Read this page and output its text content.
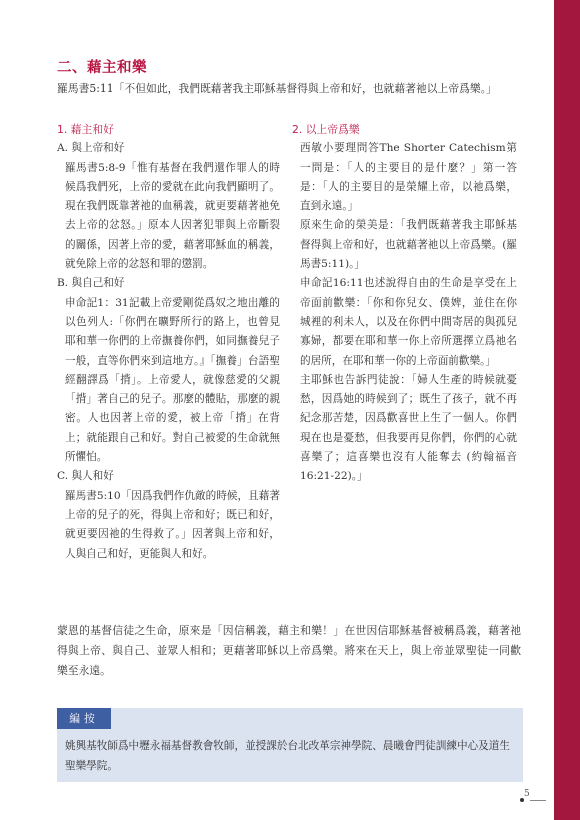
二、藉主和樂
羅馬書5:11「不但如此，我們既藉著我主耶穌基督得與上帝和好，也就藉著祂以上帝爲樂。」
1. 藉主和好
A. 與上帝和好

羅馬書5:8-9「惟有基督在我們還作罪人的時候爲我們死，上帝的愛就在此向我們顯明了。現在我們既靠著祂的血稱義，就更要藉著祂免去上帝的忿怒。」原本人因著犯罪與上帝斷裂的關係，因著上帝的愛，藉著耶穌血的稱義，就免除上帝的忿怒和罪的懲罰。

B. 與自己和好

申命記1：31記載上帝愛剛從爲奴之地出離的以色列人:「你們在曠野所行的路上，也曾見耶和華一你們的上帝撫養你們，如同撫養兒子一般，直等你們來到這地方。』「撫養」台語聖經翻譯爲「揹」。上帝愛人，就像慈愛的父親「揹」著自己的兒子。那麼的體貼，那麼的親密。人也因著上帝的愛，被上帝「揹」在背上；就能跟自己和好。對自己被愛的生命就無所懼怕。

C. 與人和好

羅馬書5:10「因爲我們作仇敵的時候，且藉著上帝的兒子的死，得與上帝和好；既已和好，就更要因祂的生得救了。」因著與上帝和好，人與自己和好，更能與人和好。

2. 以上帝爲樂

西敏小要理問答The Shorter Catechism第一問是：「人的主要目的是什麼？」第一答是：「人的主要目的是榮耀上帝，以祂爲樂，直到永遠。」

原來生命的榮美是：「我們既藉著我主耶穌基督得與上帝和好，也就藉著祂以上帝爲樂。(羅馬書5:11)。」

申命記16:11也述說得自由的生命是享受在上帝面前歡樂：「你和你兒女、僕婢，並住在你城裡的利未人，以及在你們中間寄居的與孤兒寡婦，都要在耶和華一你上帝所選擇立爲祂名的居所，在耶和華一你的上帝面前歡樂。」

主耶穌也告訴門徒說：「婦人生產的時候就憂愁，因爲她的時候到了；既生了孩子，就不再紀念那苦楚，因爲歡喜世上生了一個人。你們現在也是憂愁，但我要再見你們，你們的心就喜樂了；這喜樂也沒有人能奪去 (約翰福音16:21-22)。」

蒙恩的基督信徒之生命，原來是「因信稱義，藉主和樂！」在世因信耶穌基督被稱爲義，藉著祂得與上帝、與自己、並眾人相和；更藉著耶穌以上帝爲樂。將來在天上，與上帝並眾聖徒一同歡樂至永遠。
編按
姚興基牧師爲中壢永福基督教會牧師，並授課於台北改革宗神學院、晨曦會門徒訓練中心及道生聖樂學院。
5
